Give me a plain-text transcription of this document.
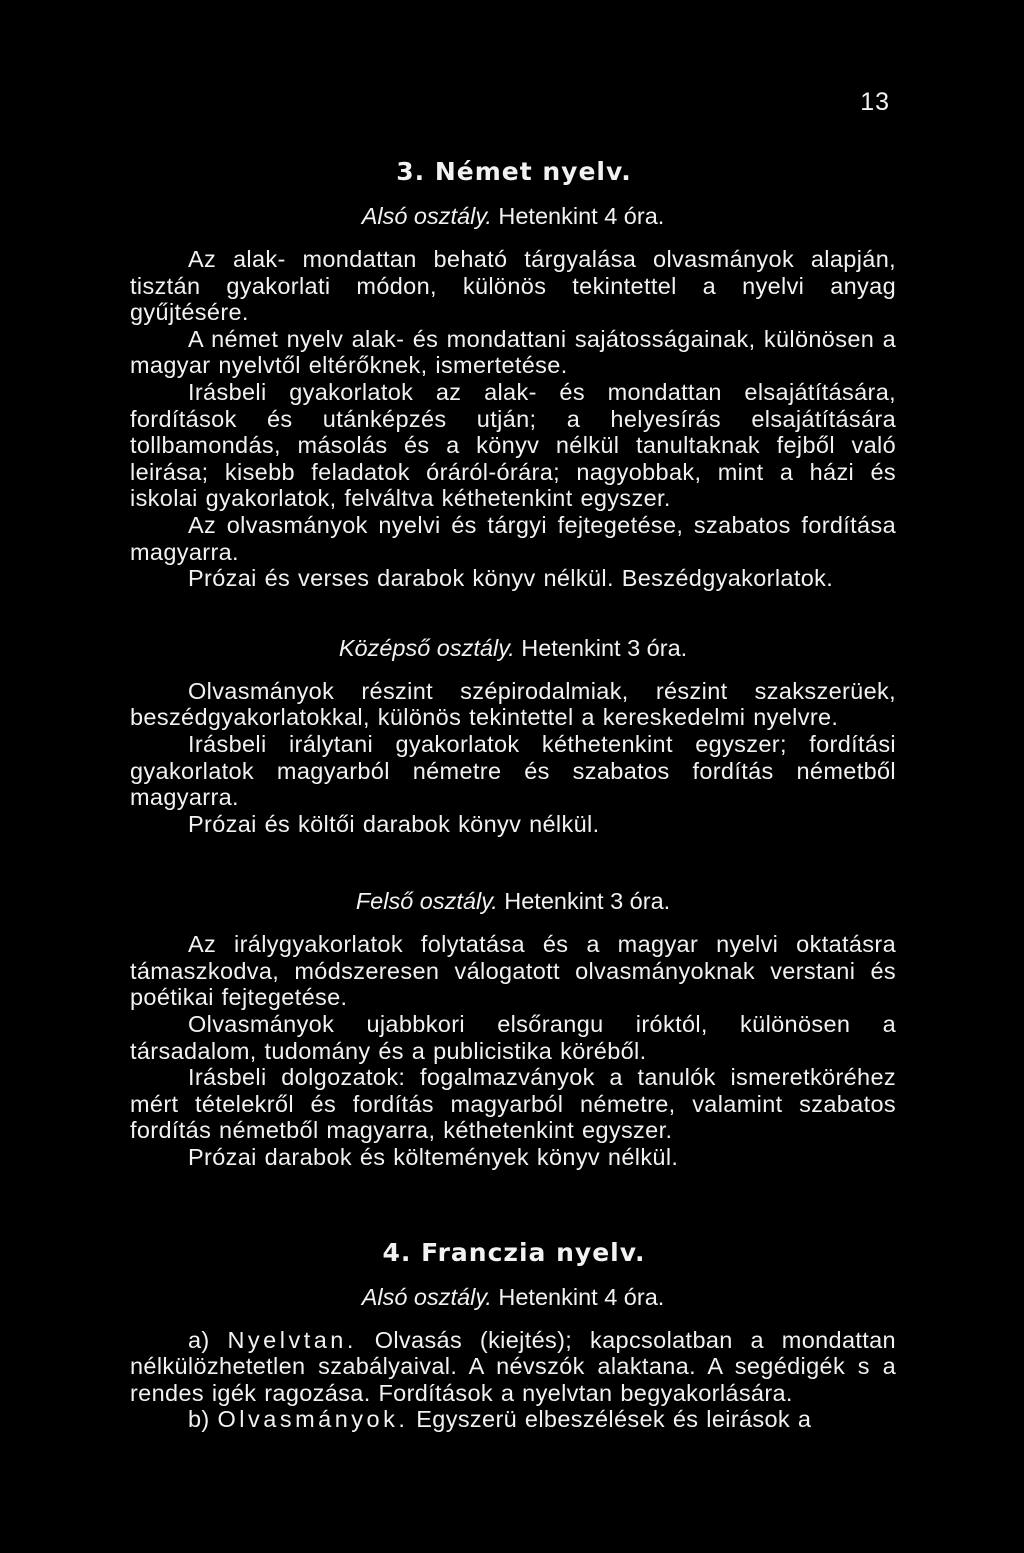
13
3. Német nyelv.
Alsó osztály. Hetenkint 4 óra.

Az alak- mondattan beható tárgyalása olvasmányok alapján, tisztán gyakorlati módon, különös tekintettel a nyelvi anyag gyűjtésére.

A német nyelv alak- és mondattani sajátosságainak, különösen a magyar nyelvtől eltérőknek, ismertetése.

Irásbeli gyakorlatok az alak- és mondattan elsajátítására, fordítások és utánképzés utján; a helyesírás elsajátítására tollbamondás, másolás és a könyv nélkül tanultaknak fejből való leirása; kisebb feladatok óráról-órára; nagyobbak, mint a házi és iskolai gyakorlatok, felváltva kéthetenkint egyszer.

Az olvasmányok nyelvi és tárgyi fejtegetése, szabatos fordítása magyarra.

Prózai és verses darabok könyv nélkül. Beszédgyakorlatok.

Középső osztály. Hetenkint 3 óra.

Olvasmányok részint szépirodalmiak, részint szakszerüek, beszédgyakorlatokkal, különös tekintettel a kereskedelmi nyelvre.

Irásbeli irálytani gyakorlatok kéthetenkint egyszer; fordítási gyakorlatok magyarból németre és szabatos fordítás németből magyarra.

Prózai és költői darabok könyv nélkül.

Felső osztály. Hetenkint 3 óra.

Az irálygyakorlatok folytatása és a magyar nyelvi oktatásra támaszkodva, módszeresen válogatott olvasmányoknak verstani és poétikai fejtegetése.

Olvasmányok ujabbkori elsőrangu iróktól, különösen a társadalom, tudomány és a publicistika köréből.

Irásbeli dolgozatok: fogalmazványok a tanulók ismeretköréhez mért tételekről és fordítás magyarból németre, valamint szabatos fordítás németből magyarra, kéthetenkint egyszer.

Prózai darabok és költemények könyv nélkül.

4. Franczia nyelv.
Alsó osztály. Hetenkint 4 óra.

a) Nyelvtan. Olvasás (kiejtés); kapcsolatban a mondattan nélkülözhetetlen szabályaival. A névszók alaktana. A segédigék s a rendes igék ragozása. Fordítások a nyelvtan begyakorlására.

b) Olvasmányok. Egyszerü elbeszélések és leirások a
